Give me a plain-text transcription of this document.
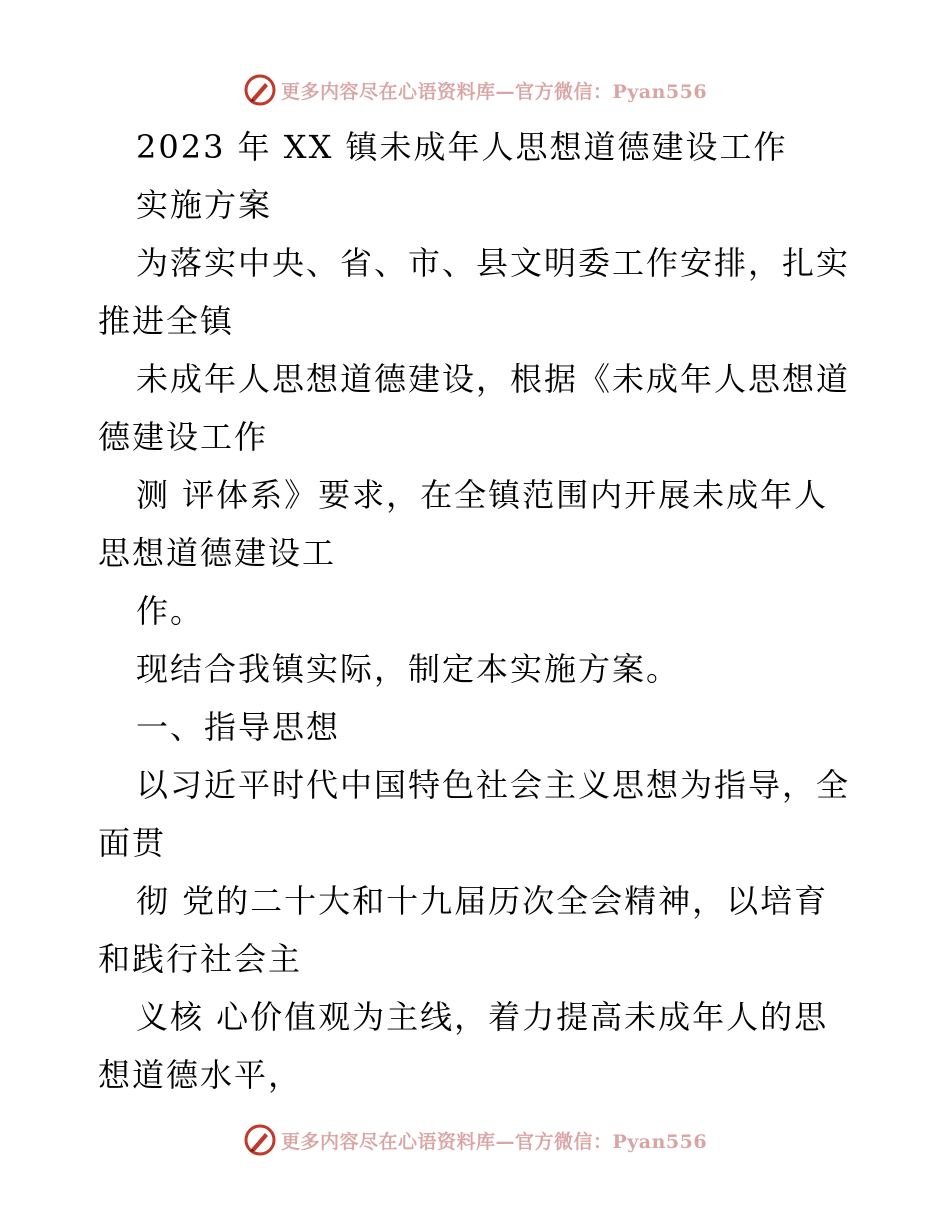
更多内容尽在心语资料库—官方微信：Pyan556
2023 年 XX 镇未成年人思想道德建设工作
实施方案
为落实中央、省、市、县文明委工作安排，扎实
推进全镇
未成年人思想道德建设，根据《未成年人思想道
德建设工作
测 评体系》要求，在全镇范围内开展未成年人
思想道德建设工
作。
现结合我镇实际，制定本实施方案。
一、指导思想
以习近平时代中国特色社会主义思想为指导，全
面贯
彻 党的二十大和十九届历次全会精神，以培育
和践行社会主
义核 心价值观为主线，着力提高未成年人的思
想道德水平，
更多内容尽在心语资料库—官方微信：Pyan556
